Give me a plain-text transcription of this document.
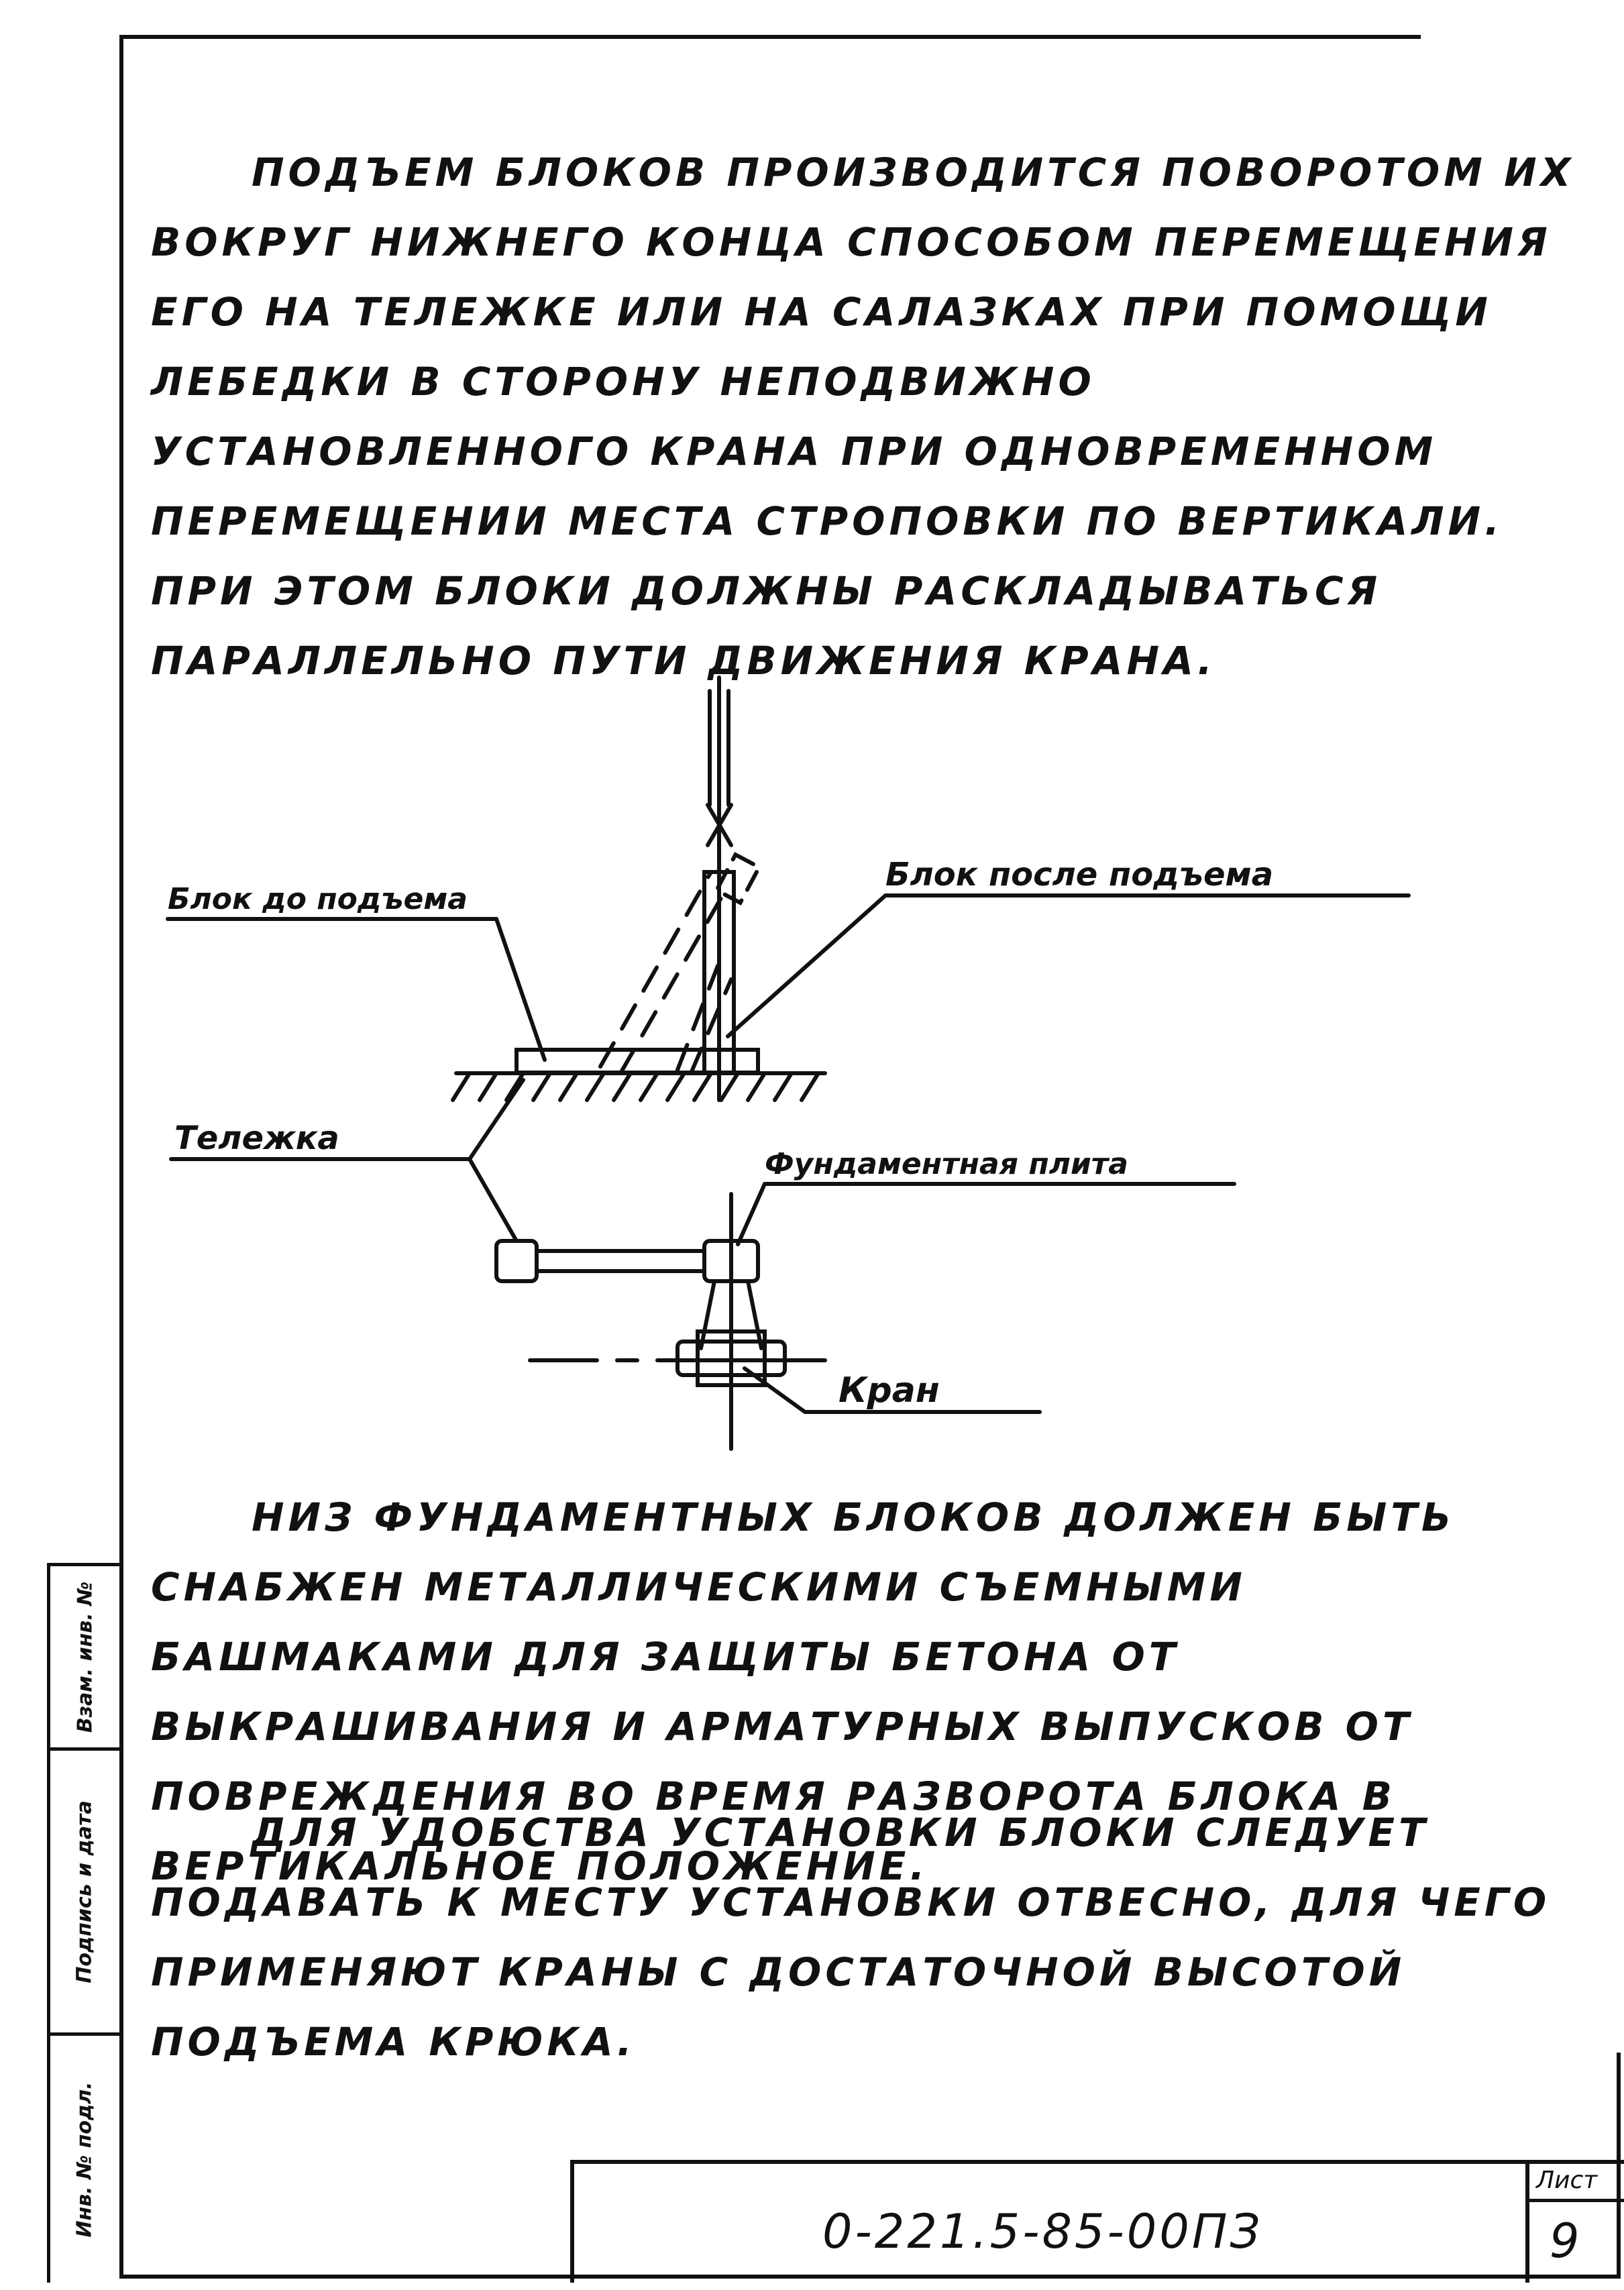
ПОДЪЕМ БЛОКОВ ПРОИЗВОДИТСЯ ПОВОРОТОМ ИХ ВОКРУГ НИЖНЕГО КОНЦА СПОСОБОМ ПЕРЕМЕЩЕНИЯ ЕГО НА ТЕЛЕЖКЕ ИЛИ НА САЛАЗКАХ ПРИ ПОМОЩИ ЛЕБЕДКИ В СТОРОНУ НЕПОДВИЖНО УСТАНОВЛЕННОГО КРАНА ПРИ ОДНОВРЕМЕННОМ ПЕРЕМЕЩЕНИИ МЕСТА СТРОПОВКИ ПО ВЕРТИКАЛИ. ПРИ ЭТОМ БЛОКИ ДОЛЖНЫ РАСКЛАДЫВАТЬСЯ ПАРАЛЛЕЛЬНО ПУТИ ДВИЖЕНИЯ КРАНА.

Блок до подъема
Блок после подъема
Тележка
Фундаментная плита
Кран

НИЗ ФУНДАМЕНТНЫХ БЛОКОВ ДОЛЖЕН БЫТЬ СНАБЖЕН МЕТАЛЛИЧЕСКИМИ СЪЕМНЫМИ БАШМАКАМИ ДЛЯ ЗАЩИТЫ БЕТОНА ОТ ВЫКРАШИВАНИЯ И АРМАТУРНЫХ ВЫПУСКОВ ОТ ПОВРЕЖДЕНИЯ ВО ВРЕМЯ РАЗВОРОТА БЛОКА В ВЕРТИКАЛЬНОЕ ПОЛОЖЕНИЕ.

ДЛЯ УДОБСТВА УСТАНОВКИ БЛОКИ СЛЕДУЕТ ПОДАВАТЬ К МЕСТУ УСТАНОВКИ ОТВЕСНО, ДЛЯ ЧЕГО ПРИМЕНЯЮТ КРАНЫ С ДОСТАТОЧНОЙ ВЫСОТОЙ ПОДЪЕМА КРЮКА.

Взам. инв. №
Подпись и дата
Инв. № подл.	0-221.5-85-00ПЗ
Лист
9
